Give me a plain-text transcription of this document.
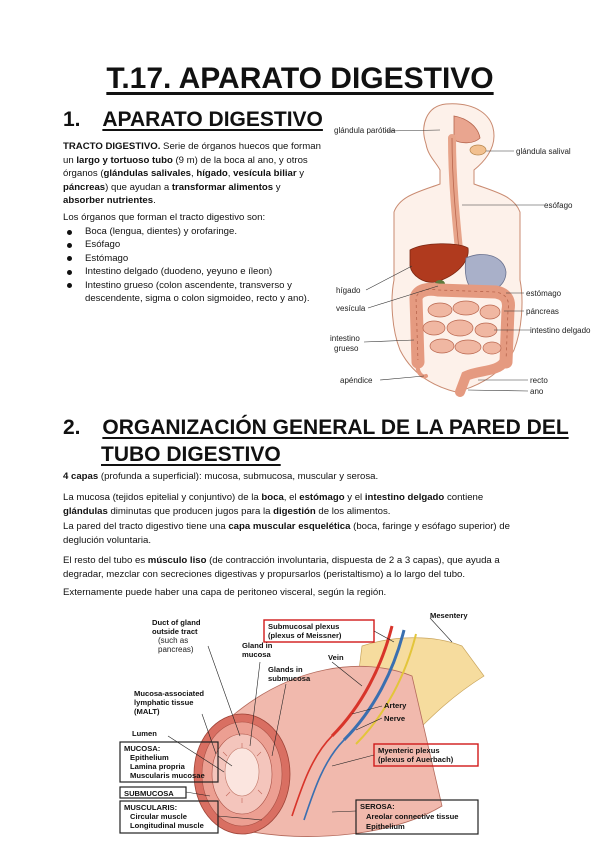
T.17. APARATO DIGESTIVO
1. APARATO DIGESTIVO
TRACTO DIGESTIVO. Serie de órganos huecos que forman
un largo y tortuoso tubo (9 m) de la boca al ano, y otros
órganos (glándulas salivales, hígado, vesícula biliar y
páncreas) que ayudan a transformar alimentos y
absorber nutrientes.
Los órganos que forman el tracto digestivo son:
Boca (lengua, dientes) y orofaringe.
Esófago
Estómago
Intestino delgado (duodeno, yeyuno e íleon)
Intestino grueso (colon ascendente, transverso y
descendente, sigma o colon sigmoideo, recto y ano).
glándula parótida
glándula salival
esófago
hígado	estómago
vesícula	páncreas
intestino delgado
intestino
grueso
apéndice	recto
ano
2. ORGANIZACIÓN GENERAL DE LA PARED DEL
TUBO DIGESTIVO
4 capas (profunda a superficial): mucosa, submucosa, muscular y serosa.
La mucosa (tejidos epitelial y conjuntivo) de la boca, el estómago y el intestino delgado contiene
glándulas diminutas que producen jugos para la digestión de los alimentos.
La pared del tracto digestivo tiene una capa muscular esquelética (boca, faringe y esófago superior) de
deglución voluntaria.
El resto del tubo es músculo liso (de contracción involuntaria, dispuesta de 2 a 3 capas), que ayuda a
degradar, mezclar con secreciones digestivas y propursarlos (peristaltismo) a lo largo del tubo.
Externamente puede haber una capa de peritoneo visceral, según la región.
Submucosal plexus
(plexus of Meissner)
Mesentery
Duct of gland
outside tract
(such as
pancreas)	Gland in
mucosa
Glands in
submucosa
Vein
Mucosa-associated
lymphatic tissue
(MALT)
Artery
Nerve
Lumen
MUCOSA:
Epithelium
Lamina propria
Muscularis mucosae
Myenteric plexus
(plexus of Auerbach)
SUBMUCOSA
MUSCULARIS:
Circular muscle
Longitudinal muscle
SEROSA:
Areolar connective tissue
Epithelium
